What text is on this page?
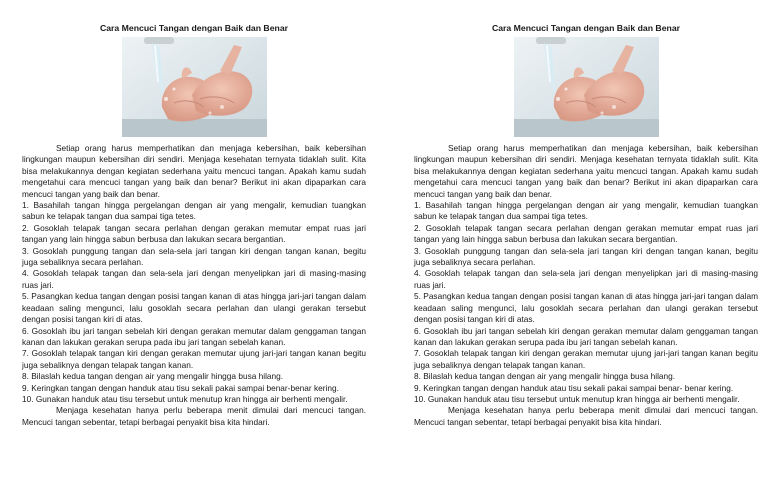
Cara Mencuci Tangan dengan Baik dan Benar

Setiap orang harus memperhatikan dan menjaga kebersihan, baik kebersihan lingkungan maupun kebersihan diri sendiri. Menjaga kesehatan ternyata tidaklah sulit. Kita bisa melakukannya dengan kegiatan sederhana yaitu mencuci tangan. Apakah kamu sudah mengetahui cara mencuci tangan yang baik dan benar? Berikut ini akan dipaparkan cara mencuci tangan yang baik dan benar.

1. Basahilah tangan hingga pergelangan dengan air yang mengalir, kemudian tuangkan sabun ke telapak tangan dua sampai tiga tetes.
2. Gosoklah telapak tangan secara perlahan dengan gerakan memutar empat ruas jari tangan yang lain hingga sabun berbusa dan lakukan secara bergantian.
3. Gosoklah punggung tangan dan sela-sela jari tangan kiri dengan tangan kanan, begitu juga sebaliknya secara perlahan.
4. Gosoklah telapak tangan dan sela-sela jari dengan menyelipkan jari di masing-masing ruas jari.
5. Pasangkan kedua tangan dengan posisi tangan kanan di atas hingga jari-jari tangan dalam keadaan saling mengunci, lalu gosoklah secara perlahan dan ulangi gerakan tersebut dengan posisi tangan kiri di atas.
6. Gosoklah ibu jari tangan sebelah kiri dengan gerakan memutar dalam genggaman tangan kanan dan lakukan gerakan serupa pada ibu jari tangan sebelah kanan.
7. Gosoklah telapak tangan kiri dengan gerakan memutar ujung jari-jari tangan kanan begitu juga sebaliknya dengan telapak tangan kanan.
8. Bilaslah kedua tangan dengan air yang mengalir hingga busa hilang.
9. Keringkan tangan dengan handuk atau tisu sekali pakai sampai benar-benar kering.
10. Gunakan handuk atau tisu tersebut untuk menutup kran hingga air berhenti mengalir.

Menjaga kesehatan hanya perlu beberapa menit dimulai dari mencuci tangan. Mencuci tangan sebentar, tetapi berbagai penyakit bisa kita hindari.

Cara Mencuci Tangan dengan Baik dan Benar

Setiap orang harus memperhatikan dan menjaga kebersihan, baik kebersihan lingkungan maupun kebersihan diri sendiri. Menjaga kesehatan ternyata tidaklah sulit. Kita bisa melakukannya dengan kegiatan sederhana yaitu mencuci tangan. Apakah kamu sudah mengetahui cara mencuci tangan yang baik dan benar? Berikut ini akan dipaparkan cara mencuci tangan yang baik dan benar.

1. Basahilah tangan hingga pergelangan dengan air yang mengalir, kemudian tuangkan sabun ke telapak tangan dua sampai tiga tetes.
2. Gosoklah telapak tangan secara perlahan dengan gerakan memutar empat ruas jari tangan yang lain hingga sabun berbusa dan lakukan secara bergantian.
3. Gosoklah punggung tangan dan sela-sela jari tangan kiri dengan tangan kanan, begitu juga sebaliknya secara perlahan.
4. Gosoklah telapak tangan dan sela-sela jari dengan menyelipkan jari di masing-masing ruas jari.
5. Pasangkan kedua tangan dengan posisi tangan kanan di atas hingga jari-jari tangan dalam keadaan saling mengunci, lalu gosoklah secara perlahan dan ulangi gerakan tersebut dengan posisi tangan kiri di atas.
6. Gosoklah ibu jari tangan sebelah kiri dengan gerakan memutar dalam genggaman tangan kanan dan lakukan gerakan serupa pada ibu jari tangan sebelah kanan.
7. Gosoklah telapak tangan kiri dengan gerakan memutar ujung jari-jari tangan kanan begitu juga sebaliknya dengan telapak tangan kanan.
8. Bilaslah kedua tangan dengan air yang mengalir hingga busa hilang.
9. Keringkan tangan dengan handuk atau tisu sekali pakai sampai benar- benar kering.
10. Gunakan handuk atau tisu tersebut untuk menutup kran hingga air berhenti mengalir.

Menjaga kesehatan hanya perlu beberapa menit dimulai dari mencuci tangan. Mencuci tangan sebentar, tetapi berbagai penyakit bisa kita hindari.
